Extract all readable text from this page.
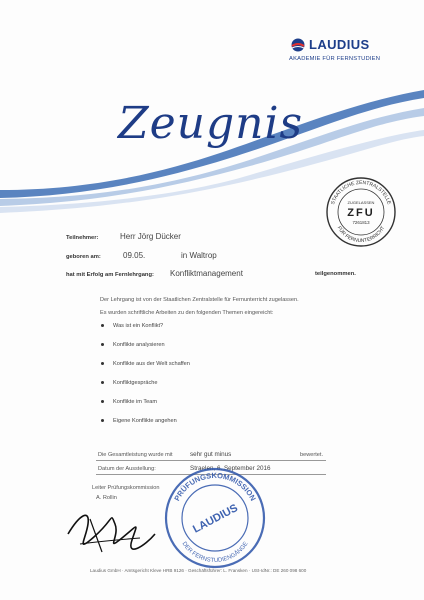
LAUDIUS
AKADEMIE FÜR FERNSTUDIEN
Zeugnis
STAATLICHE ZENTRALSTELLE
FÜR FERNUNTERRICHT
ZUGELASSEN
ZFU
7261813
Teilnehmer:	Herr Jörg Dücker
geboren am:	09.05.	in Waltrop
hat mit Erfolg am Fernlehrgang: Konfliktmanagement	teilgenommen.
Der Lehrgang ist von der Staatlichen Zentralstelle für Fernunterricht zugelassen.
Es wurden schriftliche Arbeiten zu den folgenden Themen eingereicht:
Was ist ein Konflikt?
Konflikte analysieren
Konflikte aus der Welt schaffen
Konfliktgespräche
Konflikte im Team
Eigene Konflikte angehen
Die Gesamtleistung wurde mit	sehr gut minus	bewertet.
Datum der Ausstellung:	Straelen, 6. September 2016
Leiter Prüfungskommission
A. Rollin	PRÜFUNGSKOMMISSION
DER FERNSTUDIENGÄNGE
LAUDIUS
Laudius GmbH · Amtsgericht Kleve HRB 9126 · Geschäftsführer: L. Fransken · USt-IdNr.: DE 260 098 600
